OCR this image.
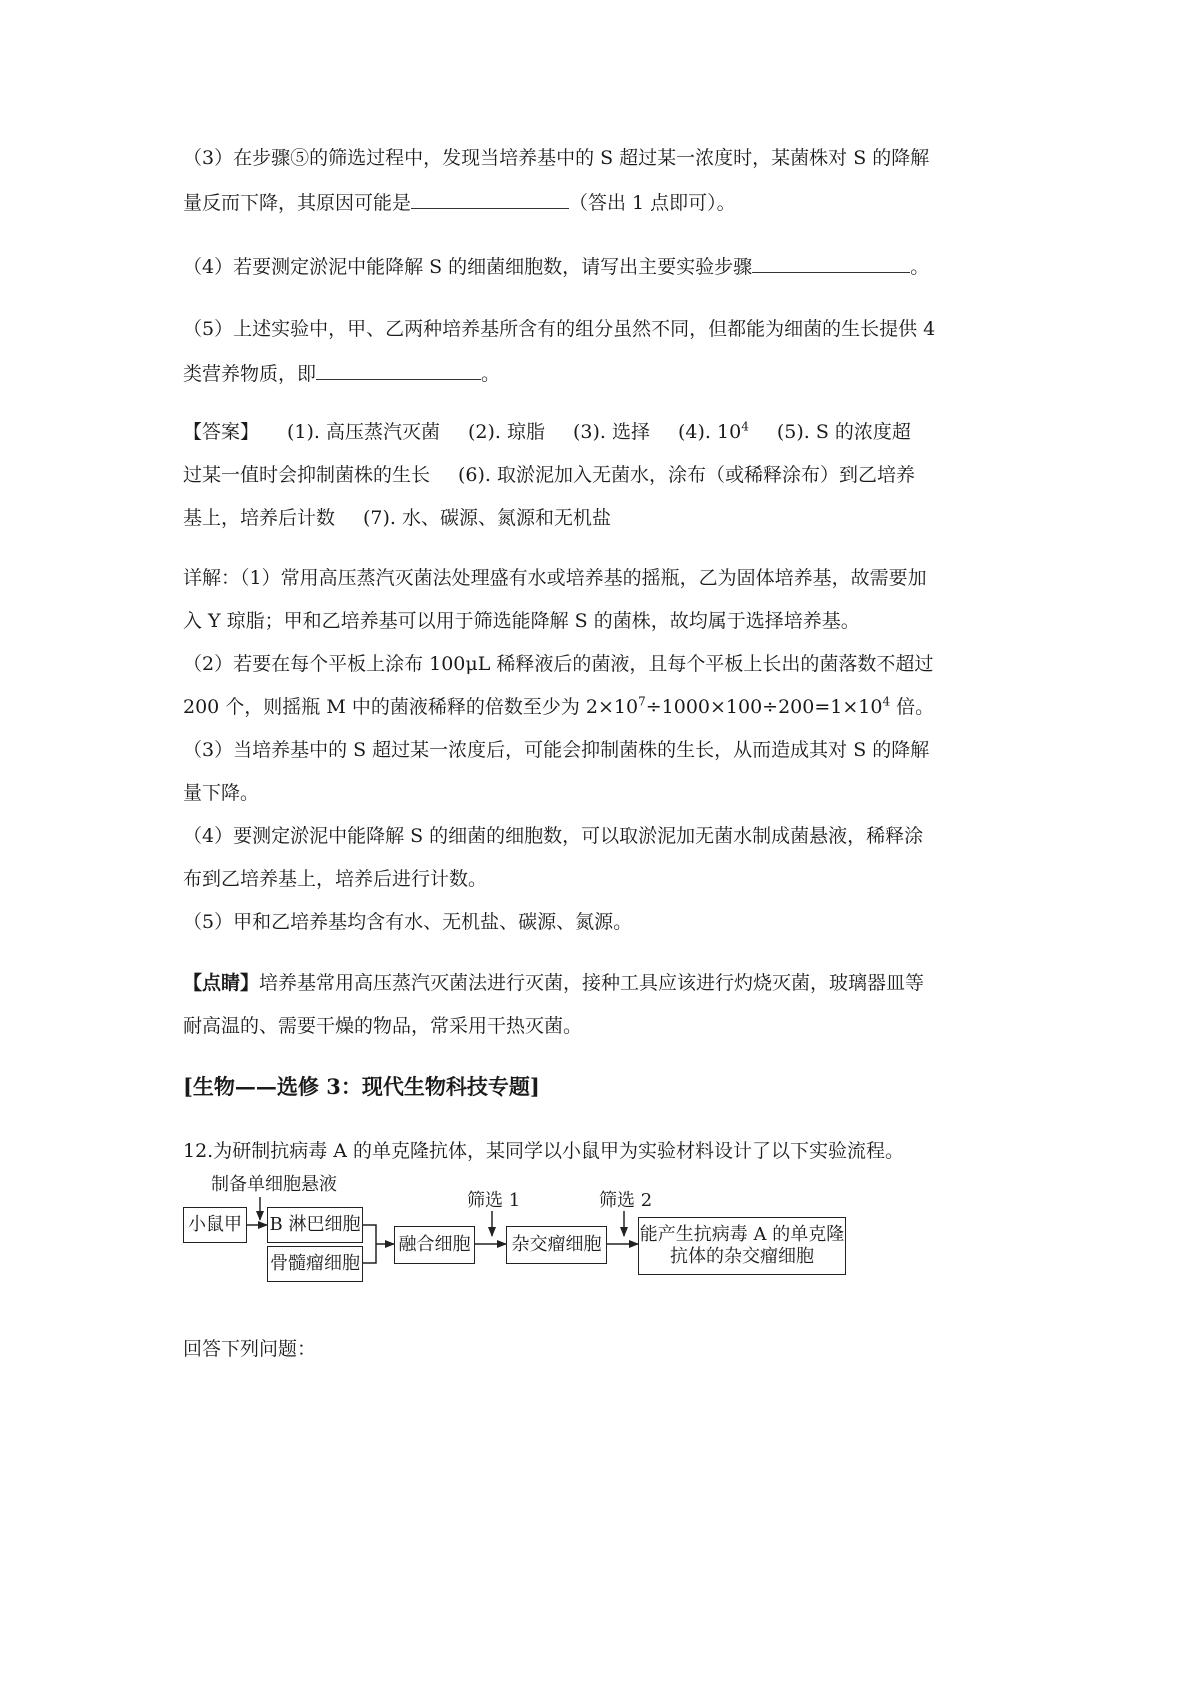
（3）在步骤⑤的筛选过程中，发现当培养基中的 S 超过某一浓度时，某菌株对 S 的降解
量反而下降，其原因可能是	（答出 1 点即可）。
（4）若要测定淤泥中能降解 S 的细菌细胞数，请写出主要实验步骤	。
（5）上述实验中，甲、乙两种培养基所含有的组分虽然不同，但都能为细菌的生长提供 4
类营养物质，即	。
【答案】 (1). 高压蒸汽灭菌 (2). 琼脂 (3). 选择 (4). $10^4$ (5). S 的浓度超
过某一值时会抑制菌株的生长 (6). 取淤泥加入无菌水，涂布（或稀释涂布）到乙培养
基上，培养后计数 (7). 水、碳源、氮源和无机盐
详解：（1）常用高压蒸汽灭菌法处理盛有水或培养基的摇瓶，乙为固体培养基，故需要加
入 Y 琼脂；甲和乙培养基可以用于筛选能降解 S 的菌株，故均属于选择培养基。
（2）若要在每个平板上涂布 100μL 稀释液后的菌液，且每个平板上长出的菌落数不超过
200 个，则摇瓶 M 中的菌液稀释的倍数至少为 $2\times 10^7\div 1000\times 100\div 200=1\times 10^4$ 倍。
（3）当培养基中的 S 超过某一浓度后，可能会抑制菌株的生长，从而造成其对 S 的降解
量下降。
（4）要测定淤泥中能降解 S 的细菌的细胞数，可以取淤泥加无菌水制成菌悬液，稀释涂
布到乙培养基上，培养后进行计数。
（5）甲和乙培养基均含有水、无机盐、碳源、氮源。
【点睛】培养基常用高压蒸汽灭菌法进行灭菌，接种工具应该进行灼烧灭菌，玻璃器皿等
耐高温的、需要干燥的物品，常采用干热灭菌。
[生物——选修 3：现代生物科技专题]
12.为研制抗病毒 A 的单克隆抗体，某同学以小鼠甲为实验材料设计了以下实验流程。
制备单细胞悬液
小鼠甲 B 淋巴细胞
骨髓瘤细胞
融合细胞
筛选 1
杂交瘤细胞
筛选 2
能产生抗病毒 A 的单克隆
抗体的杂交瘤细胞
回答下列问题：
